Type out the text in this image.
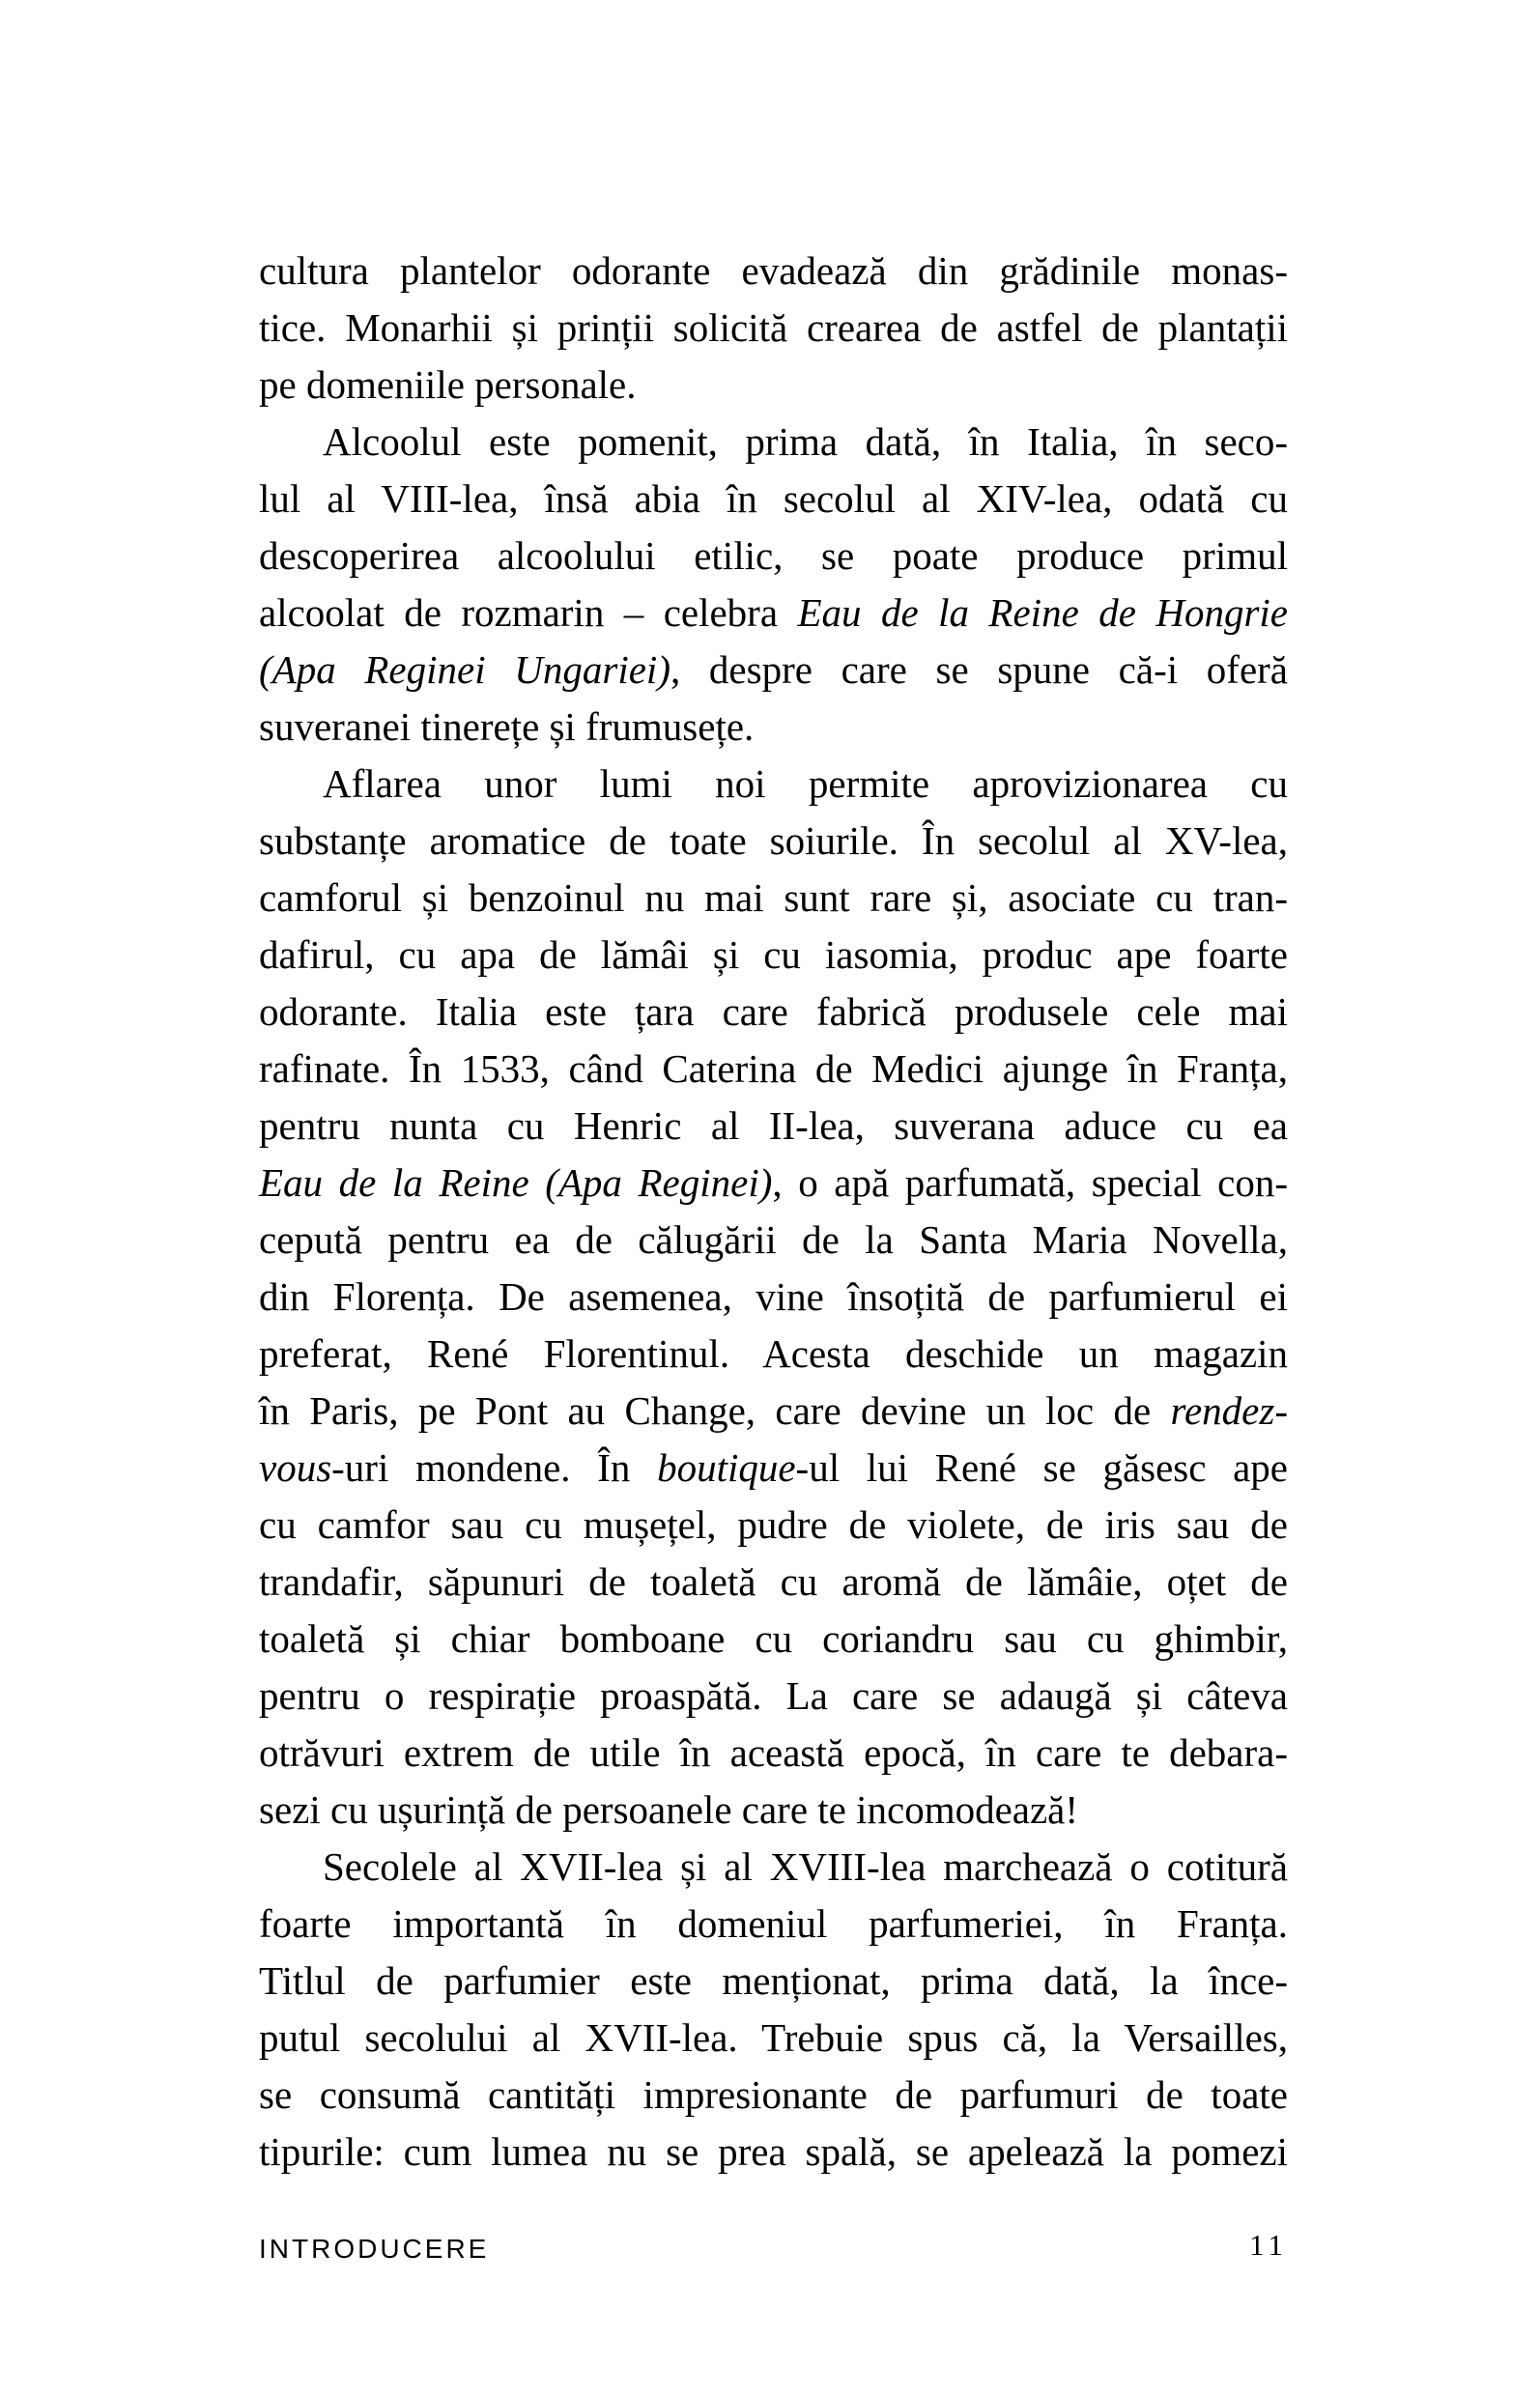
cultura plantelor odorante evadează din grădinile monas-
tice. Monarhii și prinții solicită crearea de astfel de plantații
pe domeniile personale.
Alcoolul este pomenit, prima dată, în Italia, în seco-
lul al VIII-lea, însă abia în secolul al XIV-lea, odată cu
descoperirea alcoolului etilic, se poate produce primul
alcoolat de rozmarin – celebra Eau de la Reine de Hongrie
(Apa Reginei Ungariei), despre care se spune că-i oferă
suveranei tinerețe și frumusețe.
Aflarea unor lumi noi permite aprovizionarea cu
substanțe aromatice de toate soiurile. În secolul al XV-lea,
camforul și benzoinul nu mai sunt rare și, asociate cu tran-
dafirul, cu apa de lămâi și cu iasomia, produc ape foarte
odorante. Italia este țara care fabrică produsele cele mai
rafinate. În 1533, când Caterina de Medici ajunge în Franța,
pentru nunta cu Henric al II-lea, suverana aduce cu ea
Eau de la Reine (Apa Reginei), o apă parfumată, special con-
cepută pentru ea de călugării de la Santa Maria Novella,
din Florența. De asemenea, vine însoțită de parfumierul ei
preferat, René Florentinul. Acesta deschide un magazin
în Paris, pe Pont au Change, care devine un loc de rendez-
vous-uri mondene. În boutique-ul lui René se găsesc ape
cu camfor sau cu mușețel, pudre de violete, de iris sau de
trandafir, săpunuri de toaletă cu aromă de lămâie, oțet de
toaletă și chiar bomboane cu coriandru sau cu ghimbir,
pentru o respirație proaspătă. La care se adaugă și câteva
otrăvuri extrem de utile în această epocă, în care te debara-
sezi cu ușurință de persoanele care te incomodează!
Secolele al XVII-lea și al XVIII-lea marchează o cotitură
foarte importantă în domeniul parfumeriei, în Franța.
Titlul de parfumier este menționat, prima dată, la înce-
putul secolului al XVII-lea. Trebuie spus că, la Versailles,
se consumă cantități impresionante de parfumuri de toate
tipurile: cum lumea nu se prea spală, se apelează la pomezi
INTRODUCERE	11
